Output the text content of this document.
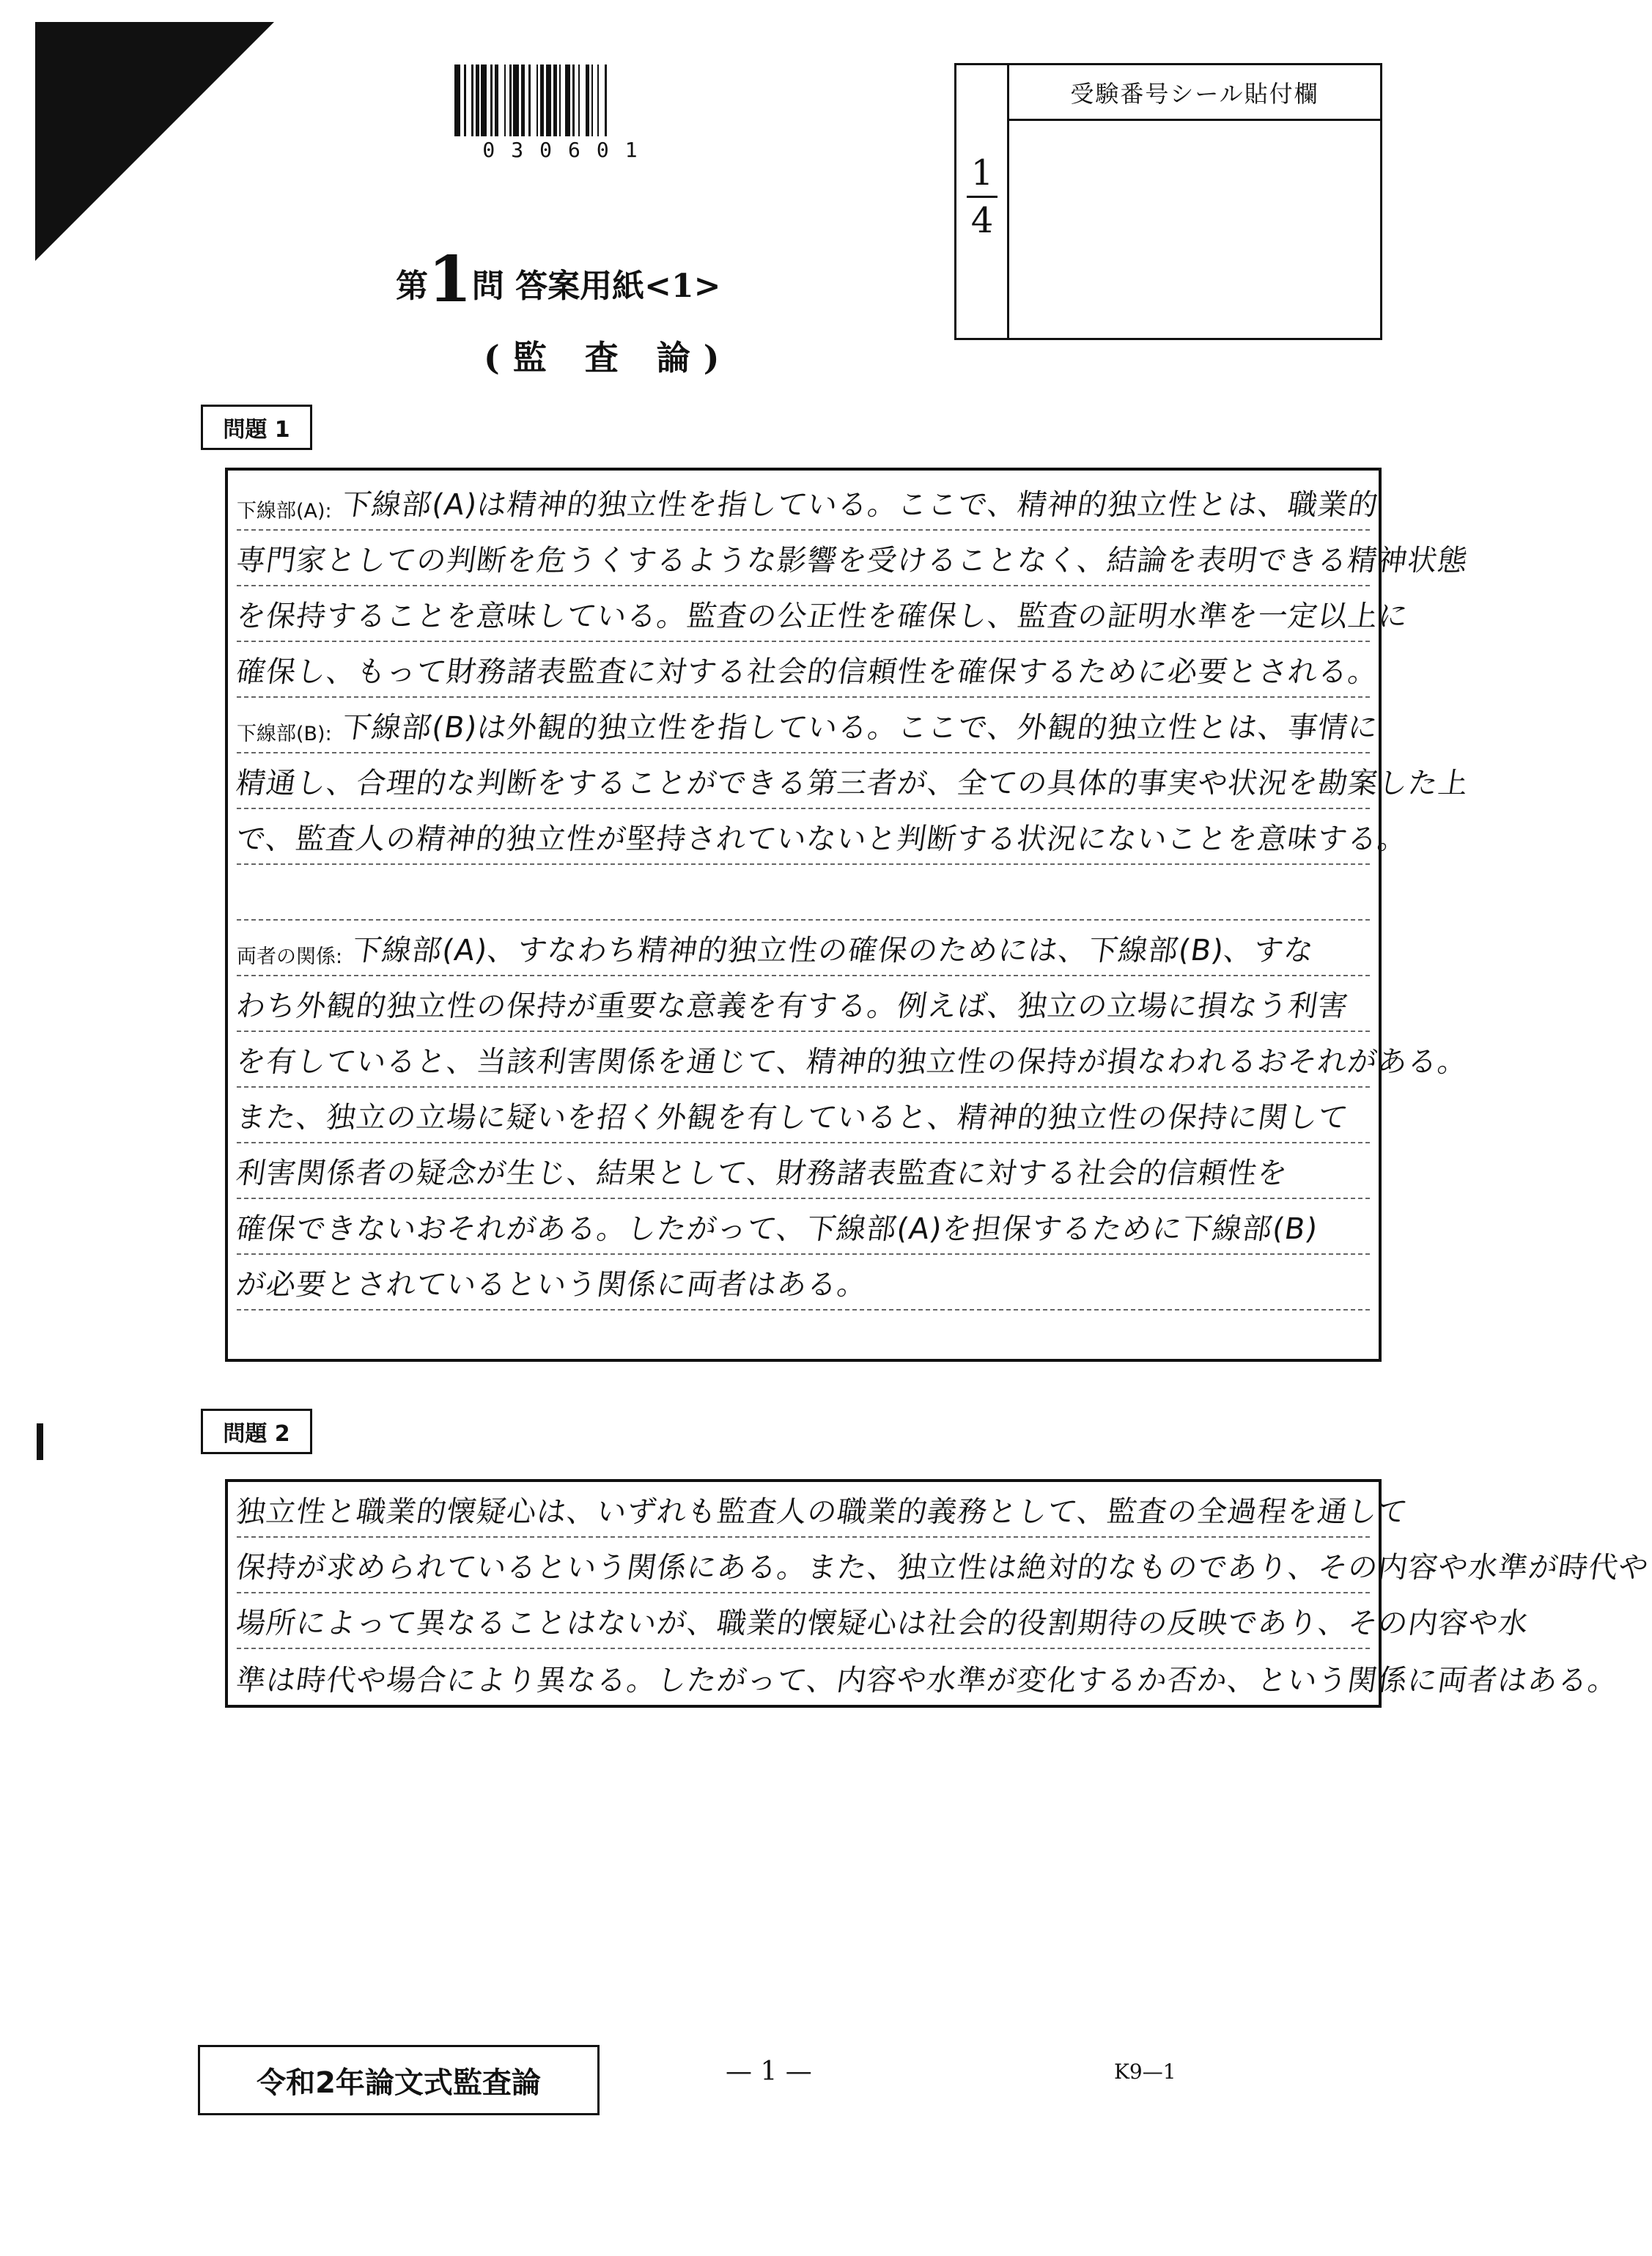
030601
第1問 答案用紙<1>
(監 査 論)
1
4
受験番号シール貼付欄
問題 1
下線部(A): 下線部(A)は精神的独立性を指している。ここで、精神的独立性とは、職業的
専門家としての判断を危うくするような影響を受けることなく、結論を表明できる精神状態
を保持することを意味している。監査の公正性を確保し、監査の証明水準を一定以上に
確保し、もって財務諸表監査に対する社会的信頼性を確保するために必要とされる。
下線部(B): 下線部(B)は外観的独立性を指している。ここで、外観的独立性とは、事情に
精通し、合理的な判断をすることができる第三者が、全ての具体的事実や状況を勘案した上
で、監査人の精神的独立性が堅持されていないと判断する状況にないことを意味する。
両者の関係: 下線部(A)、すなわち精神的独立性の確保のためには、下線部(B)、すな
わち外観的独立性の保持が重要な意義を有する。例えば、独立の立場に損なう利害
を有していると、当該利害関係を通じて、精神的独立性の保持が損なわれるおそれがある。
また、独立の立場に疑いを招く外観を有していると、精神的独立性の保持に関して
利害関係者の疑念が生じ、結果として、財務諸表監査に対する社会的信頼性を
確保できないおそれがある。したがって、下線部(A)を担保するために下線部(B)
が必要とされているという関係に両者はある。
問題 2
独立性と職業的懐疑心は、いずれも監査人の職業的義務として、監査の全過程を通して
保持が求められているという関係にある。また、独立性は絶対的なものであり、その内容や水準が時代や
場所によって異なることはないが、職業的懐疑心は社会的役割期待の反映であり、その内容や水
準は時代や場合により異なる。したがって、内容や水準が変化するか否か、という関係に両者はある。
令和2年論文式監査論	— 1 —	K9—1
